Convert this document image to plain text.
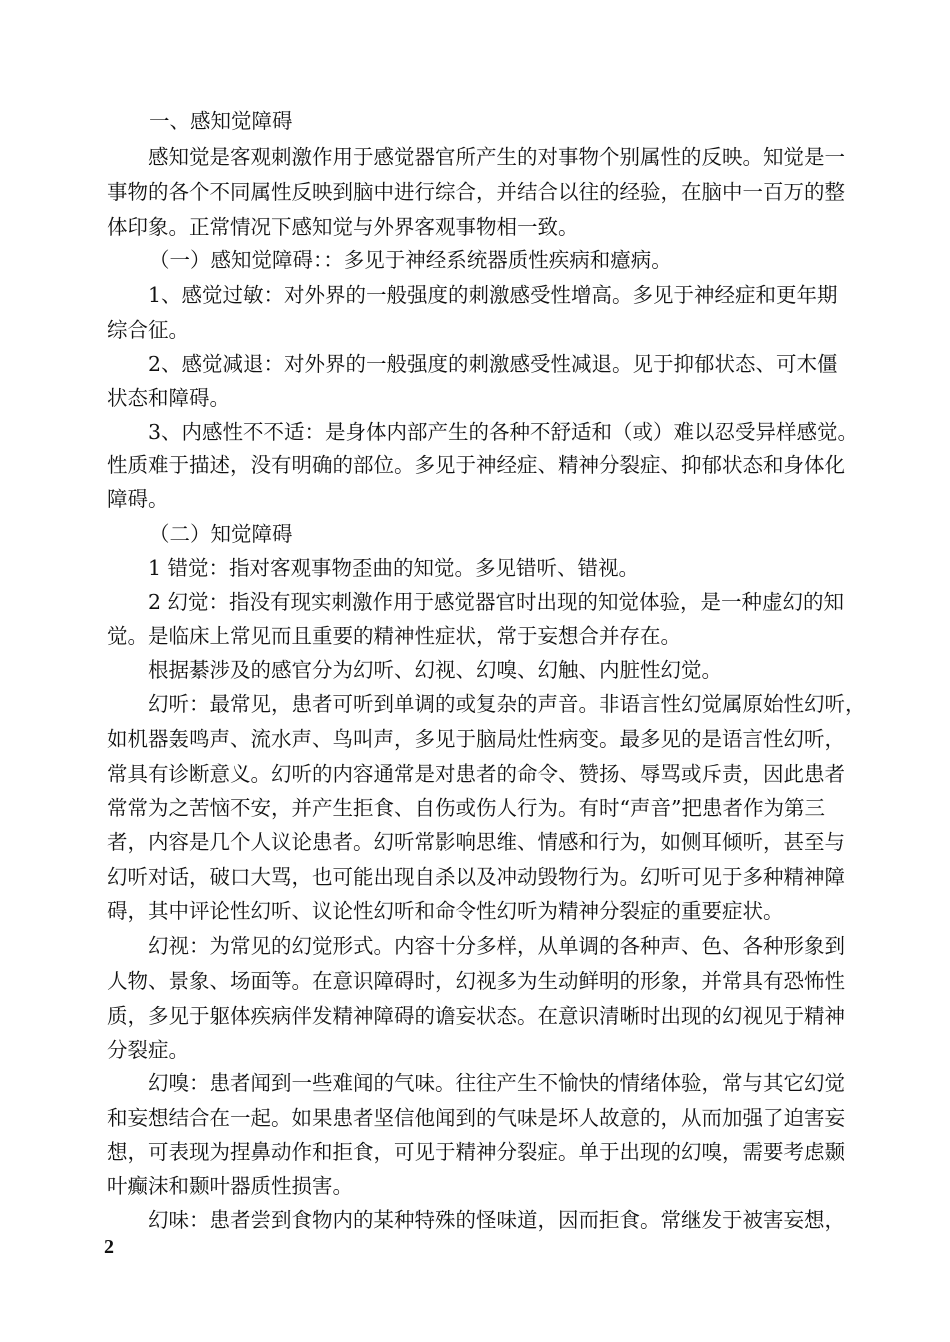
一、感知觉障碍
感知觉是客观刺激作用于感觉器官所产生的对事物个别属性的反映。知觉是一
事物的各个不同属性反映到脑中进行综合，并结合以往的经验，在脑中一百万的整
体印象。正常情况下感知觉与外界客观事物相一致。
（一）感知觉障碍：：多见于神经系统器质性疾病和癔病。
1、感觉过敏：对外界的一般强度的刺激感受性增高。多见于神经症和更年期
综合征。
2、感觉减退：对外界的一般强度的刺激感受性减退。见于抑郁状态、可木僵
状态和障碍。
3、内感性不不适：是身体内部产生的各种不舒适和（或）难以忍受异样感觉。
性质难于描述，没有明确的部位。多见于神经症、精神分裂症、抑郁状态和身体化
障碍。
（二）知觉障碍
1 错觉：指对客观事物歪曲的知觉。多见错听、错视。
2 幻觉：指没有现实刺激作用于感觉器官时出现的知觉体验，是一种虚幻的知
觉。是临床上常见而且重要的精神性症状，常于妄想合并存在。
根据綦涉及的感官分为幻听、幻视、幻嗅、幻触、内脏性幻觉。
幻听：最常见，患者可听到单调的或复杂的声音。非语言性幻觉属原始性幻听，
如机器轰鸣声、流水声、鸟叫声，多见于脑局灶性病变。最多见的是语言性幻听，
常具有诊断意义。幻听的内容通常是对患者的命令、赞扬、辱骂或斥责，因此患者
常常为之苦恼不安，并产生拒食、自伤或伤人行为。有时“声音”把患者作为第三
者，内容是几个人议论患者。幻听常影响思维、情感和行为，如侧耳倾听，甚至与
幻听对话，破口大骂，也可能出现自杀以及冲动毁物行为。幻听可见于多种精神障
碍，其中评论性幻听、议论性幻听和命令性幻听为精神分裂症的重要症状。
幻视：为常见的幻觉形式。内容十分多样，从单调的各种声、色、各种形象到
人物、景象、场面等。在意识障碍时，幻视多为生动鲜明的形象，并常具有恐怖性
质，多见于躯体疾病伴发精神障碍的谵妄状态。在意识清晰时出现的幻视见于精神
分裂症。
幻嗅：患者闻到一些难闻的气味。往往产生不愉快的情绪体验，常与其它幻觉
和妄想结合在一起。如果患者坚信他闻到的气味是坏人故意的，从而加强了迫害妄
想，可表现为捏鼻动作和拒食，可见于精神分裂症。单于出现的幻嗅，需要考虑颞
叶癫沫和颞叶器质性损害。
幻味：患者尝到食物内的某种特殊的怪味道，因而拒食。常继发于被害妄想，
2
